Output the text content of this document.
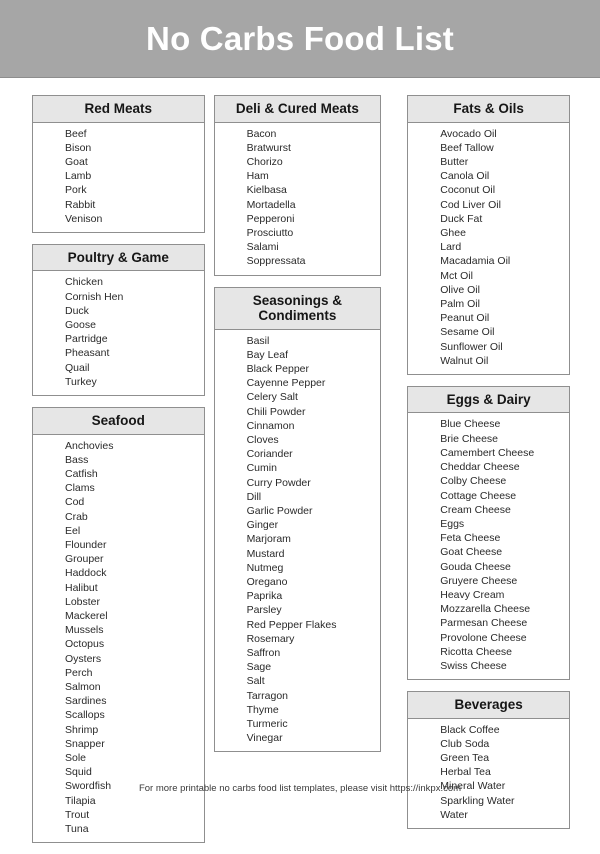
No Carbs Food List
Red Meats
Beef
Bison
Goat
Lamb
Pork
Rabbit
Venison
Poultry & Game
Chicken
Cornish Hen
Duck
Goose
Partridge
Pheasant
Quail
Turkey
Seafood
Anchovies
Bass
Catfish
Clams
Cod
Crab
Eel
Flounder
Grouper
Haddock
Halibut
Lobster
Mackerel
Mussels
Octopus
Oysters
Perch
Salmon
Sardines
Scallops
Shrimp
Snapper
Sole
Squid
Swordfish
Tilapia
Trout
Tuna
Deli & Cured Meats
Bacon
Bratwurst
Chorizo
Ham
Kielbasa
Mortadella
Pepperoni
Prosciutto
Salami
Soppressata
Seasonings & Condiments
Basil
Bay Leaf
Black Pepper
Cayenne Pepper
Celery Salt
Chili Powder
Cinnamon
Cloves
Coriander
Cumin
Curry Powder
Dill
Garlic Powder
Ginger
Marjoram
Mustard
Nutmeg
Oregano
Paprika
Parsley
Red Pepper Flakes
Rosemary
Saffron
Sage
Salt
Tarragon
Thyme
Turmeric
Vinegar
Fats & Oils
Avocado Oil
Beef Tallow
Butter
Canola Oil
Coconut Oil
Cod Liver Oil
Duck Fat
Ghee
Lard
Macadamia Oil
Mct Oil
Olive Oil
Palm Oil
Peanut Oil
Sesame Oil
Sunflower Oil
Walnut Oil
Eggs & Dairy
Blue Cheese
Brie Cheese
Camembert Cheese
Cheddar Cheese
Colby Cheese
Cottage Cheese
Cream Cheese
Eggs
Feta Cheese
Goat Cheese
Gouda Cheese
Gruyere Cheese
Heavy Cream
Mozzarella Cheese
Parmesan Cheese
Provolone Cheese
Ricotta Cheese
Swiss Cheese
Beverages
Black Coffee
Club Soda
Green Tea
Herbal Tea
Mineral Water
Sparkling Water
Water
For more printable no carbs food list templates, please visit https://inkpx.com
